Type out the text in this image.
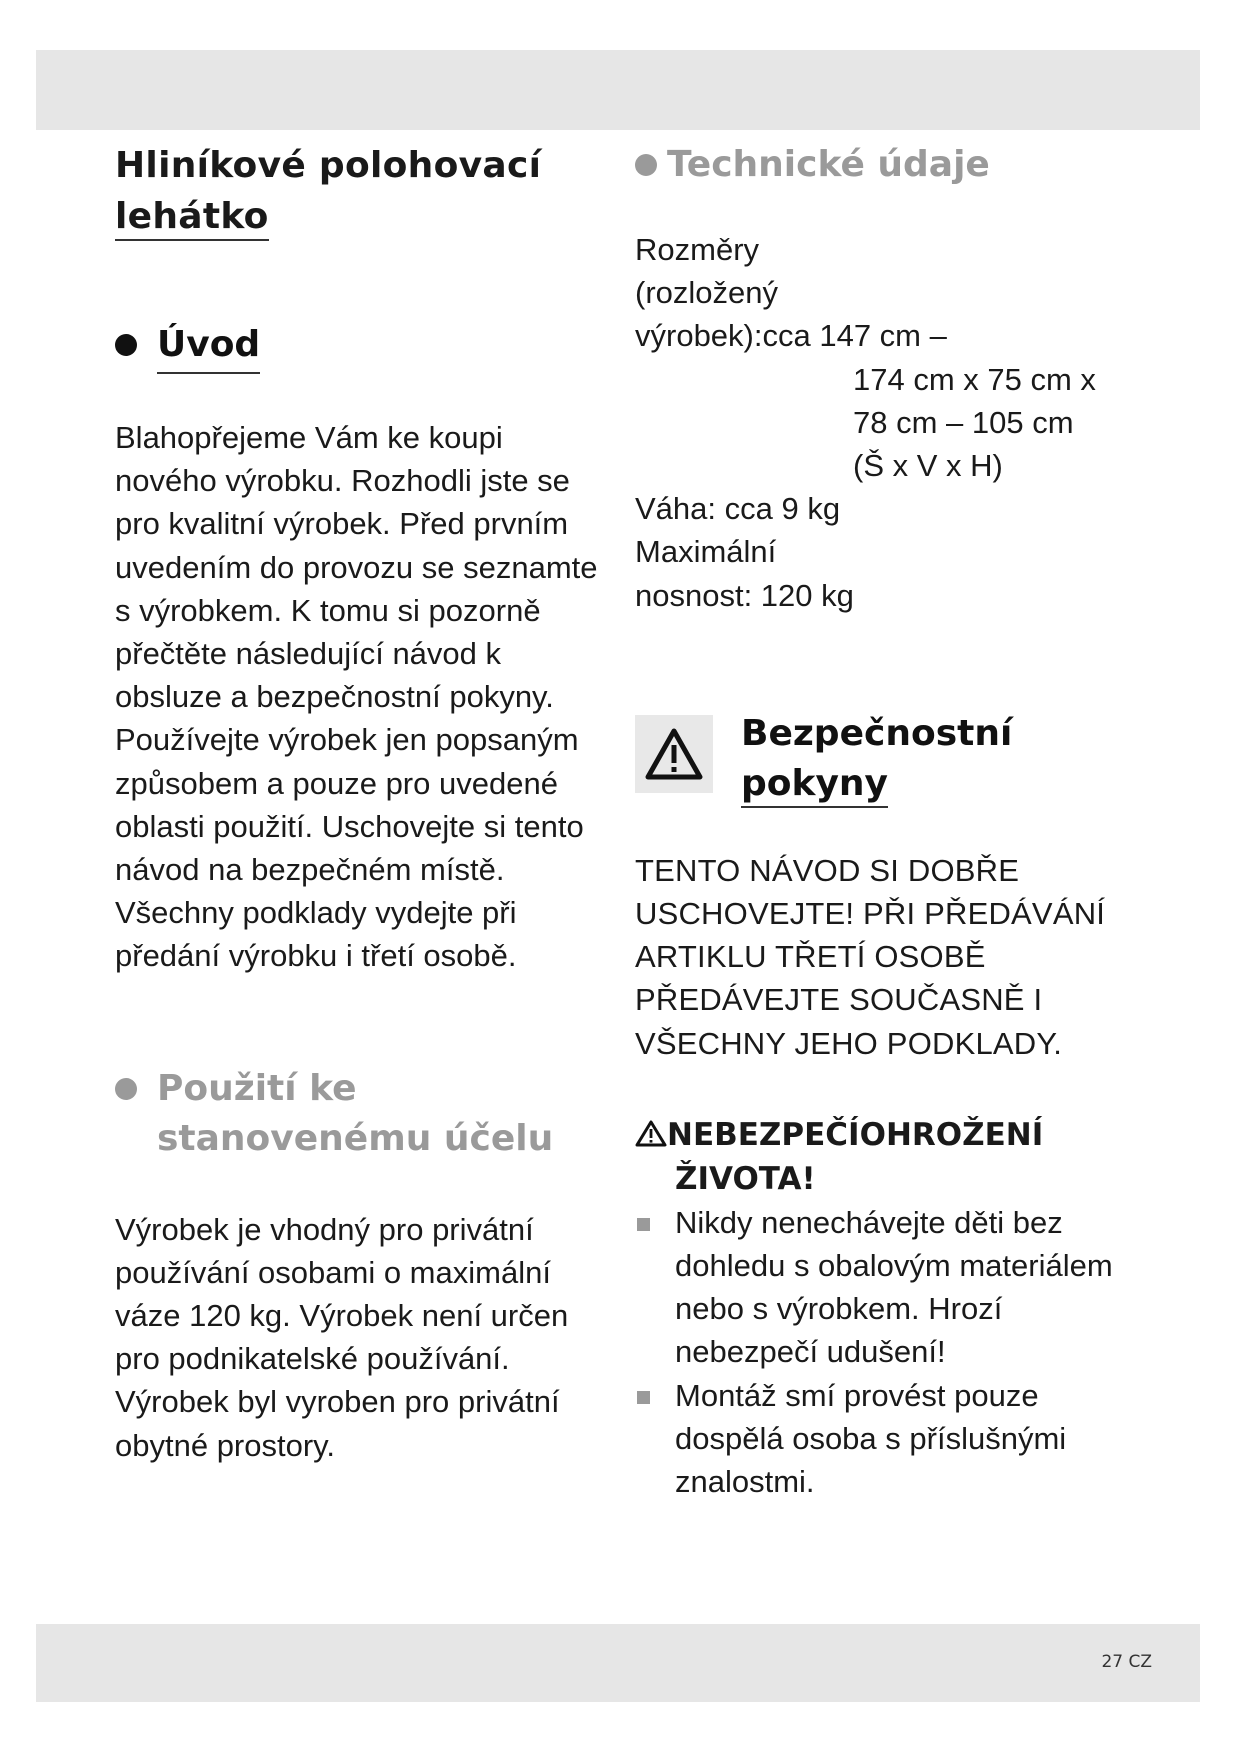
Hliníkové polohovací
lehátko
Úvod

Blahopřejeme Vám ke koupi nového výrobku. Rozhodli jste se pro kvalitní výrobek. Před prvním uvedením do provozu se seznamte s výrobkem. K tomu si pozorně přečtěte následující návod k obsluze a bezpečnostní pokyny. Používejte výrobek jen popsaným způsobem a pouze pro uvedené oblasti použití. Uschovejte si tento návod na bezpečném místě. Všechny podklady vydejte při předání výrobku i třetí osobě.

Použití ke
stanovenému účelu

Výrobek je vhodný pro privátní používání osobami o maximální váze 120 kg. Výrobek není určen pro podnikatelské používání. Výrobek byl vyroben pro privátní obytné prostory.

Technické údaje
Rozměry
(rozložený
výrobek):cca 147 cm –
174 cm x 75 cm x
78 cm – 105 cm
(Š x V x H)
Váha: cca 9 kg
Maximální
nosnost: 120 kg
Bezpečnostní
pokyny

TENTO NÁVOD SI DOBŘE USCHOVEJTE! PŘI PŘEDÁVÁNÍ ARTIKLU TŘETÍ OSOBĚ PŘEDÁVEJTE SOUČASNĚ I VŠECHNY JEHO PODKLADY.

NEBEZPEČÍOHROŽENÍ
ŽIVOTA!
Nikdy nenechávejte děti bez dohledu s obalovým materiálem nebo s výrobkem. Hrozí nebezpečí udušení!
Montáž smí provést pouze dospělá osoba s příslušnými znalostmi.
27 CZ
